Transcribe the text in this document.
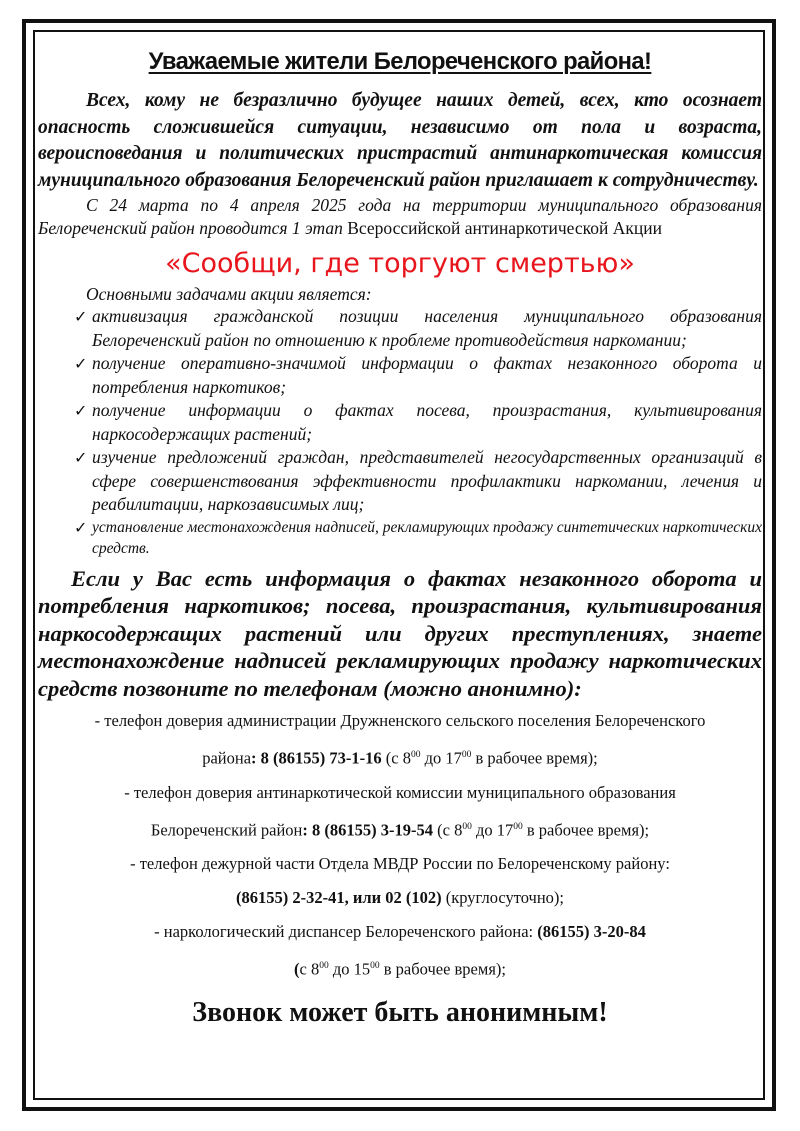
Уважаемые жители Белореченского района!

Всех, кому не безразлично будущее наших детей, всех, кто осознает опасность сложившейся ситуации, независимо от пола и возраста, вероисповедания и политических пристрастий антинаркотическая комиссия муниципального образования Белореченский район приглашает к сотрудничеству.

С 24 марта по 4 апреля 2025 года на территории муниципального образования Белореченский район проводится 1 этап Всероссийской антинаркотической Акции

«Сообщи, где торгуют смертью»

Основными задачами акции является:

✓ активизация гражданской позиции населения муниципального образования Белореченский район по отношению к проблеме противодействия наркомании;
✓ получение оперативно-значимой информации о фактах незаконного оборота и потребления наркотиков;
✓ получение информации о фактах посева, произрастания, культивирования наркосодержащих растений;
✓ изучение предложений граждан, представителей негосударственных организаций в сфере совершенствования эффективности профилактики наркомании, лечения и реабилитации, наркозависимых лиц;
✓ установление местонахождения надписей, рекламирующих продажу синтетических наркотических средств.

Если у Вас есть информация о фактах незаконного оборота и потребления наркотиков; посева, произрастания, культивирования наркосодержащих растений или других преступлениях, знаете местонахождение надписей рекламирующих продажу наркотических средств позвоните по телефонам (можно анонимно):

- телефон доверия администрации Дружненского сельского поселения Белореченского

района: 8 (86155) 73-1-16 (с $8^{00}$ до $17^{00}$ в рабочее время);

- телефон доверия антинаркотической комиссии муниципального образования

Белореченский район: 8 (86155) 3-19-54 (с $8^{00}$ до $17^{00}$ в рабочее время);

- телефон дежурной части Отдела МВДР России по Белореченскому району:

(86155) 2-32-41, или 02 (102) (круглосуточно);

- наркологический диспансер Белореченского района: (86155) 3-20-84

(с $8^{00}$ до $15^{00}$ в рабочее время);

Звонок может быть анонимным!
